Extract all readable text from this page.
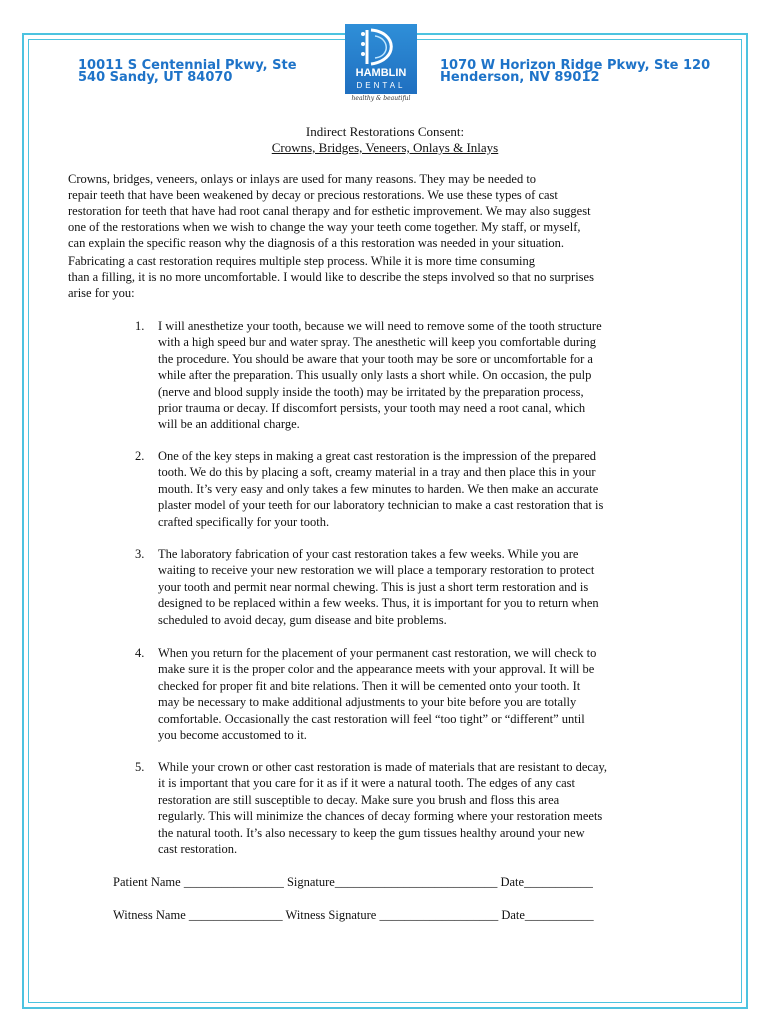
10011 S Centennial Pkwy, Ste
540 Sandy, UT 84070	HAMBLIN
DENTAL
healthy & beautiful
1070 W Horizon Ridge Pkwy, Ste 120
Henderson, NV 89012
Indirect Restorations Consent:
Crowns, Bridges, Veneers, Onlays & Inlays
Crowns, bridges, veneers, onlays or inlays are used for many reasons. They may be needed to
repair teeth that have been weakened by decay or precious restorations. We use these types of cast
restoration for teeth that have had root canal therapy and for esthetic improvement. We may also suggest
one of the restorations when we wish to change the way your teeth come together. My staff, or myself,
can explain the specific reason why the diagnosis of a this restoration was needed in your situation.
Fabricating a cast restoration requires multiple step process. While it is more time consuming
than a filling, it is no more uncomfortable. I would like to describe the steps involved so that no surprises
arise for you:
1. I will anesthetize your tooth, because we will need to remove some of the tooth structure
with a high speed bur and water spray. The anesthetic will keep you comfortable during
the procedure. You should be aware that your tooth may be sore or uncomfortable for a
while after the preparation. This usually only lasts a short while. On occasion, the pulp
(nerve and blood supply inside the tooth) may be irritated by the preparation process,
prior trauma or decay. If discomfort persists, your tooth may need a root canal, which
will be an additional charge.
2. One of the key steps in making a great cast restoration is the impression of the prepared
tooth. We do this by placing a soft, creamy material in a tray and then place this in your
mouth. It’s very easy and only takes a few minutes to harden. We then make an accurate
plaster model of your teeth for our laboratory technician to make a cast restoration that is
crafted specifically for your tooth.
3. The laboratory fabrication of your cast restoration takes a few weeks. While you are
waiting to receive your new restoration we will place a temporary restoration to protect
your tooth and permit near normal chewing. This is just a short term restoration and is
designed to be replaced within a few weeks. Thus, it is important for you to return when
scheduled to avoid decay, gum disease and bite problems.
4. When you return for the placement of your permanent cast restoration, we will check to
make sure it is the proper color and the appearance meets with your approval. It will be
checked for proper fit and bite relations. Then it will be cemented onto your tooth. It
may be necessary to make additional adjustments to your bite before you are totally
comfortable. Occasionally the cast restoration will feel “too tight” or “different” until
you become accustomed to it.
5. While your crown or other cast restoration is made of materials that are resistant to decay,
it is important that you care for it as if it were a natural tooth. The edges of any cast
restoration are still susceptible to decay. Make sure you brush and floss this area
regularly. This will minimize the chances of decay forming where your restoration meets
the natural tooth. It’s also necessary to keep the gum tissues healthy around your new
cast restoration.
Patient Name ________________ Signature__________________________ Date___________
Witness Name _______________ Witness Signature ___________________ Date___________
